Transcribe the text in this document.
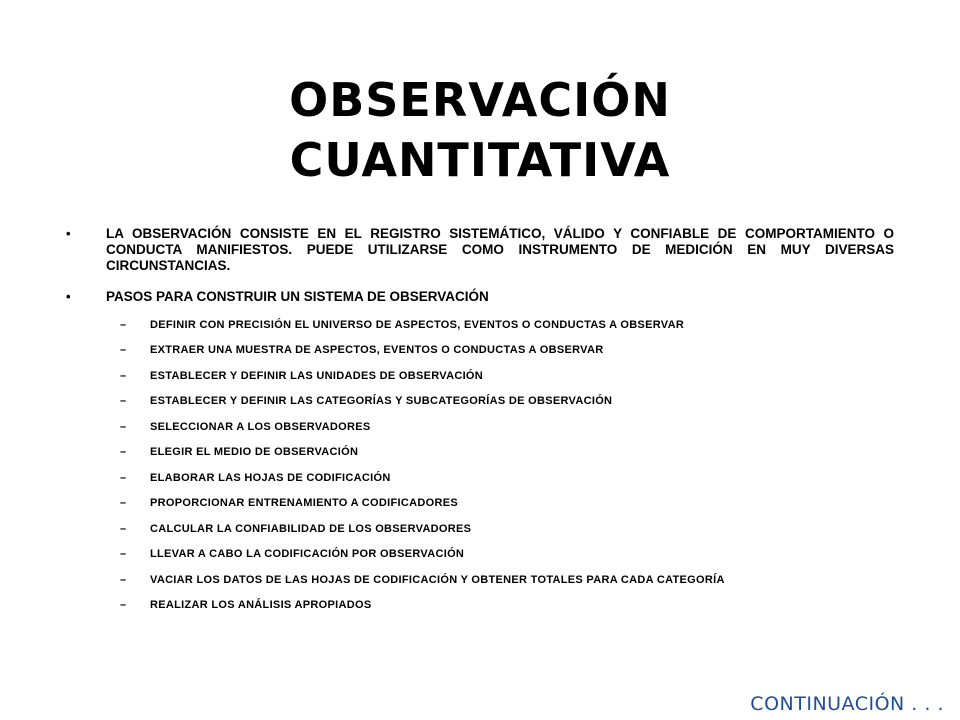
OBSERVACIÓN
CUANTITATIVA
•	LA OBSERVACIÓN CONSISTE EN EL REGISTRO SISTEMÁTICO, VÁLIDO Y CONFIABLE DE COMPORTAMIENTO O CONDUCTA MANIFIESTOS. PUEDE UTILIZARSE COMO INSTRUMENTO DE MEDICIÓN EN MUY DIVERSAS CIRCUNSTANCIAS.
•	PASOS PARA CONSTRUIR UN SISTEMA DE OBSERVACIÓN
– DEFINIR CON PRECISIÓN EL UNIVERSO DE ASPECTOS, EVENTOS O CONDUCTAS A OBSERVAR
– EXTRAER UNA MUESTRA DE ASPECTOS, EVENTOS O CONDUCTAS A OBSERVAR
– ESTABLECER Y DEFINIR LAS UNIDADES DE OBSERVACIÓN
– ESTABLECER Y DEFINIR LAS CATEGORÍAS Y SUBCATEGORÍAS DE OBSERVACIÓN
– SELECCIONAR A LOS OBSERVADORES
– ELEGIR EL MEDIO DE OBSERVACIÓN
– ELABORAR LAS HOJAS DE CODIFICACIÓN
– PROPORCIONAR ENTRENAMIENTO A CODIFICADORES
– CALCULAR LA CONFIABILIDAD DE LOS OBSERVADORES
– LLEVAR A CABO LA CODIFICACIÓN POR OBSERVACIÓN
– VACIAR LOS DATOS DE LAS HOJAS DE CODIFICACIÓN Y OBTENER TOTALES PARA CADA CATEGORÍA
– REALIZAR LOS ANÁLISIS APROPIADOS
CONTINUACIÓN . . .
